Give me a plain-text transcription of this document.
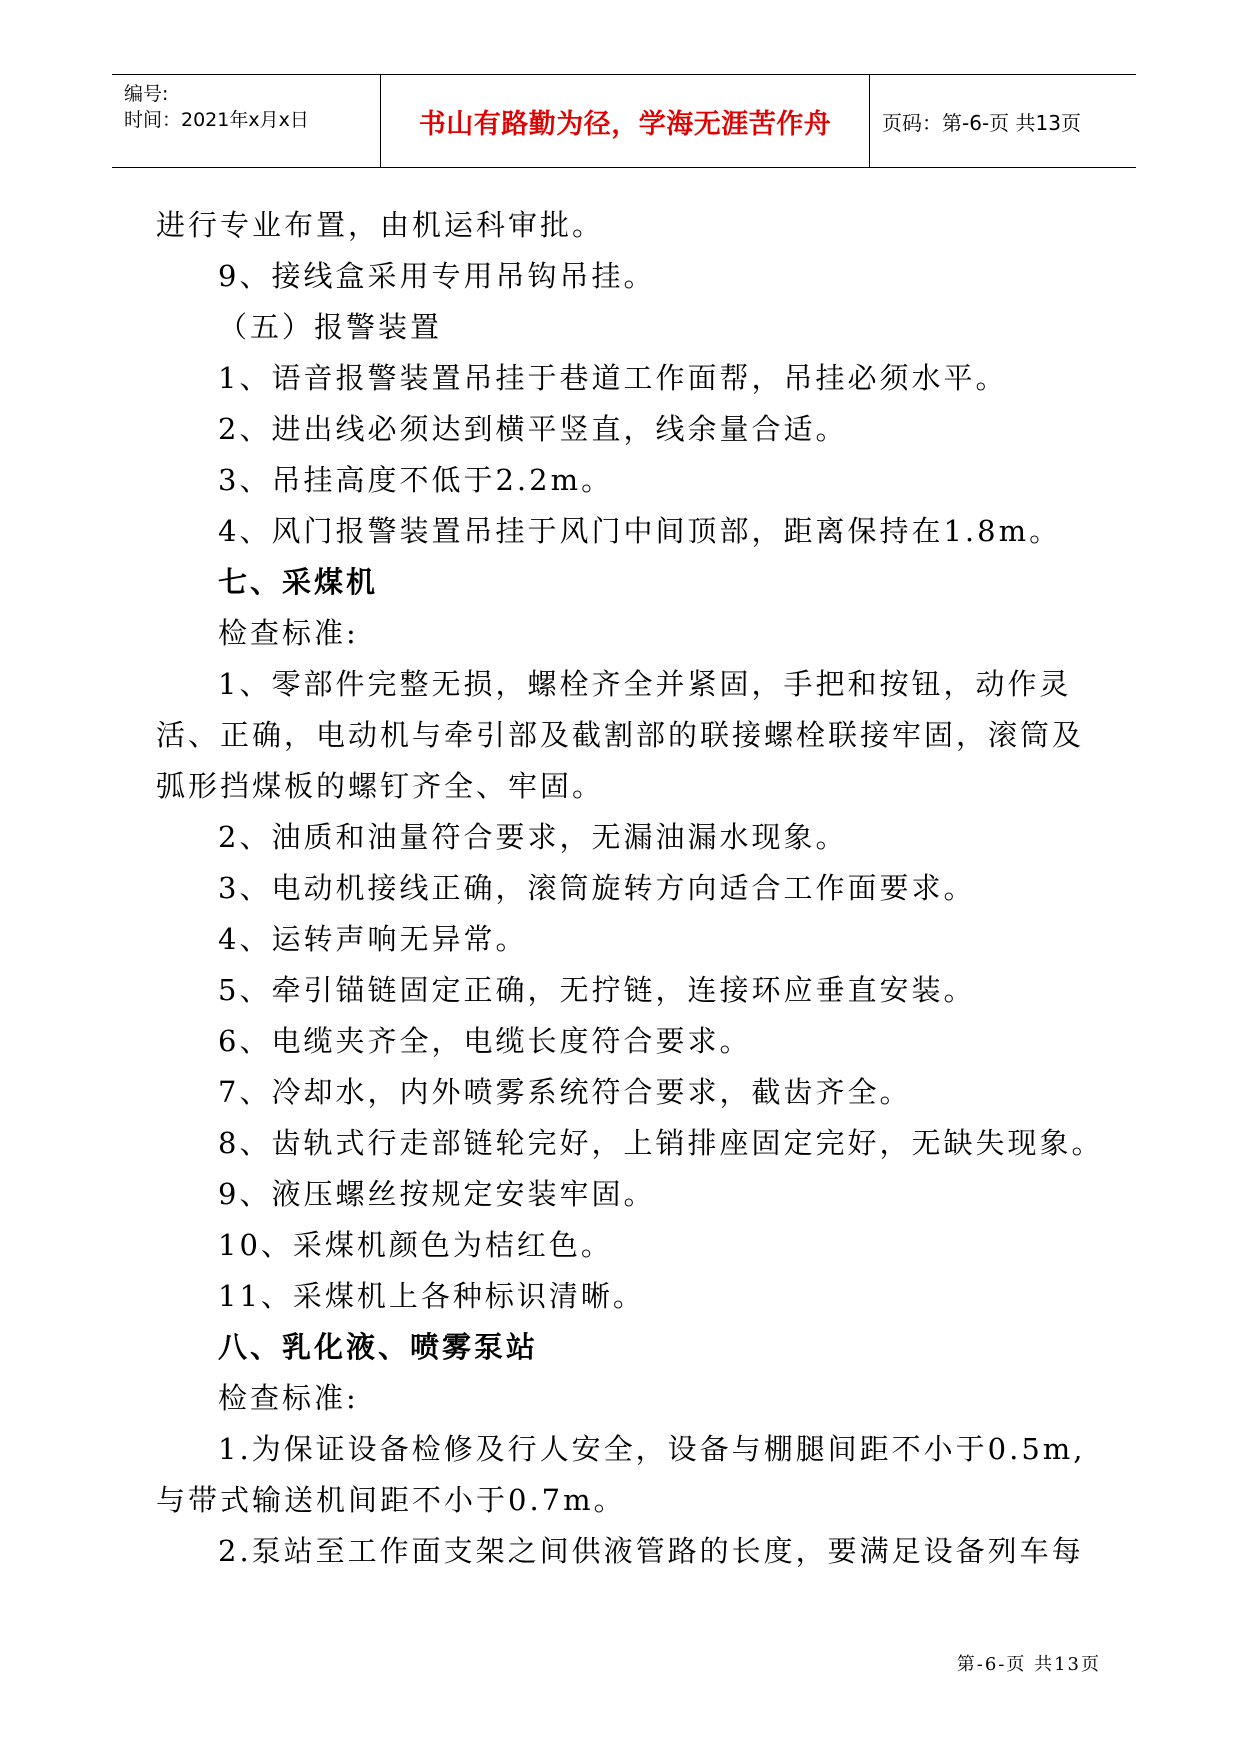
编号:
时间：2021年x月x日	书山有路勤为径，学海无涯苦作舟	页码：第-6-页 共13页
进行专业布置，由机运科审批。
9、接线盒采用专用吊钩吊挂。
（五）报警装置
1、语音报警装置吊挂于巷道工作面帮，吊挂必须水平。
2、进出线必须达到横平竖直，线余量合适。
3、吊挂高度不低于2.2m。
4、风门报警装置吊挂于风门中间顶部，距离保持在1.8m。
七、采煤机
检查标准:
1、零部件完整无损，螺栓齐全并紧固，手把和按钮，动作灵
活、正确，电动机与牵引部及截割部的联接螺栓联接牢固，滚筒及
弧形挡煤板的螺钉齐全、牢固。
2、油质和油量符合要求，无漏油漏水现象。
3、电动机接线正确，滚筒旋转方向适合工作面要求。
4、运转声响无异常。
5、牵引锚链固定正确，无拧链，连接环应垂直安装。
6、电缆夹齐全，电缆长度符合要求。
7、冷却水，内外喷雾系统符合要求，截齿齐全。
8、齿轨式行走部链轮完好，上销排座固定完好，无缺失现象。
9、液压螺丝按规定安装牢固。
10、采煤机颜色为桔红色。
11、采煤机上各种标识清晰。
八、乳化液、喷雾泵站
检查标准:
1.为保证设备检修及行人安全，设备与棚腿间距不小于0.5m,
与带式输送机间距不小于0.7m。
2.泵站至工作面支架之间供液管路的长度，要满足设备列车每
第-6-页 共13页
